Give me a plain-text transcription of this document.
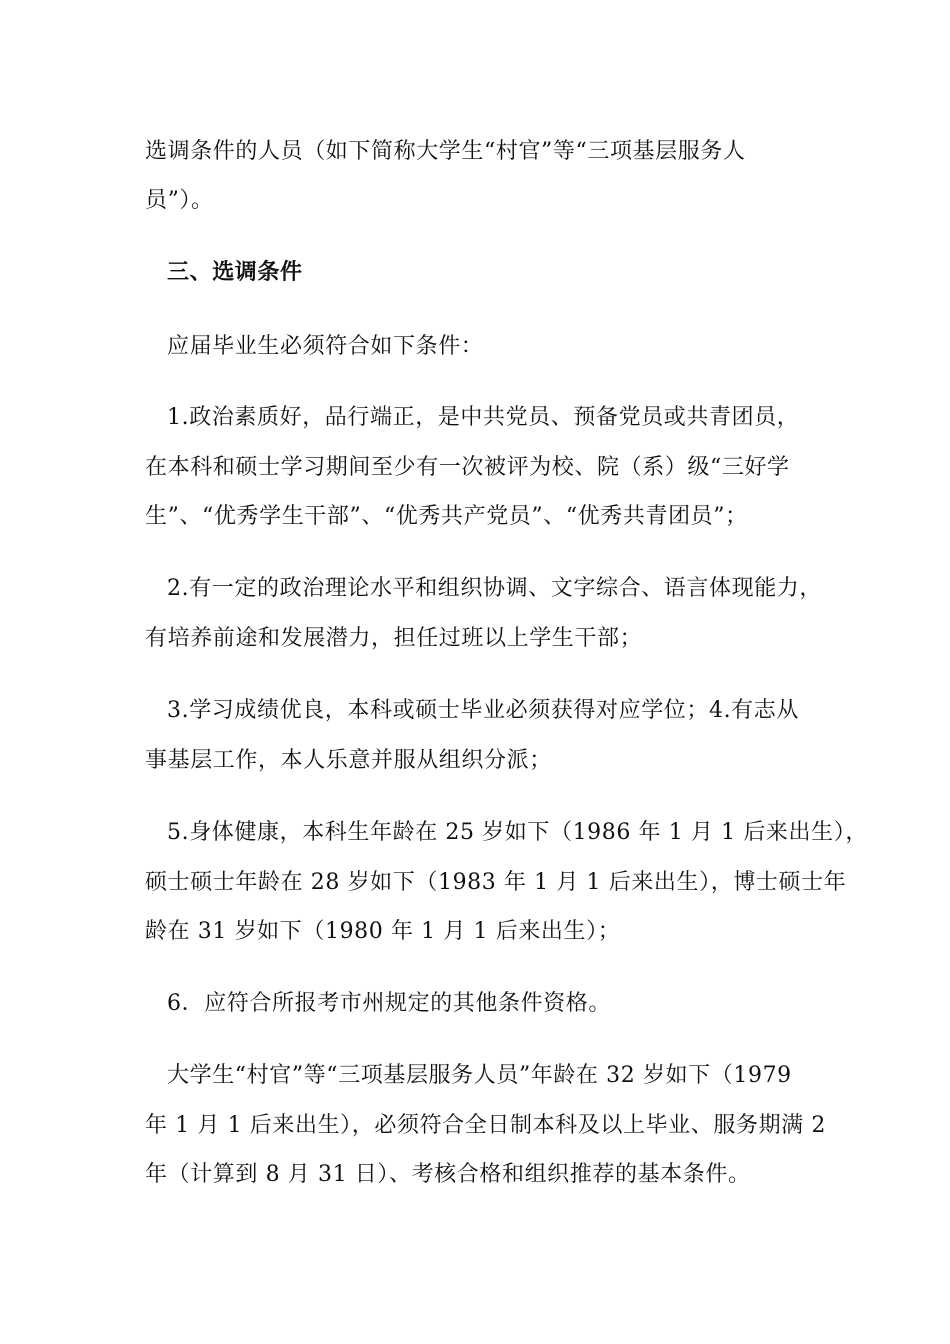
选调条件的人员（如下简称大学生“村官”等“三项基层服务人
员”）。
三、选调条件
应届毕业生必须符合如下条件：
1.政治素质好，品行端正，是中共党员、预备党员或共青团员，
在本科和硕士学习期间至少有一次被评为校、院（系）级“三好学
生”、“优秀学生干部”、“优秀共产党员”、“优秀共青团员”；
2.有一定的政治理论水平和组织协调、文字综合、语言体现能力，
有培养前途和发展潜力，担任过班以上学生干部；
3.学习成绩优良，本科或硕士毕业必须获得对应学位；4.有志从
事基层工作，本人乐意并服从组织分派；
5.身体健康，本科生年龄在 25 岁如下（1986 年 1 月 1 后来出生），
硕士硕士年龄在 28 岁如下（1983 年 1 月 1 后来出生），博士硕士年
龄在 31 岁如下（1980 年 1 月 1 后来出生）；
6．应符合所报考市州规定的其他条件资格。
大学生“村官”等“三项基层服务人员”年龄在 32 岁如下（1979
年 1 月 1 后来出生），必须符合全日制本科及以上毕业、服务期满 2
年（计算到 8 月 31 日）、考核合格和组织推荐的基本条件。
